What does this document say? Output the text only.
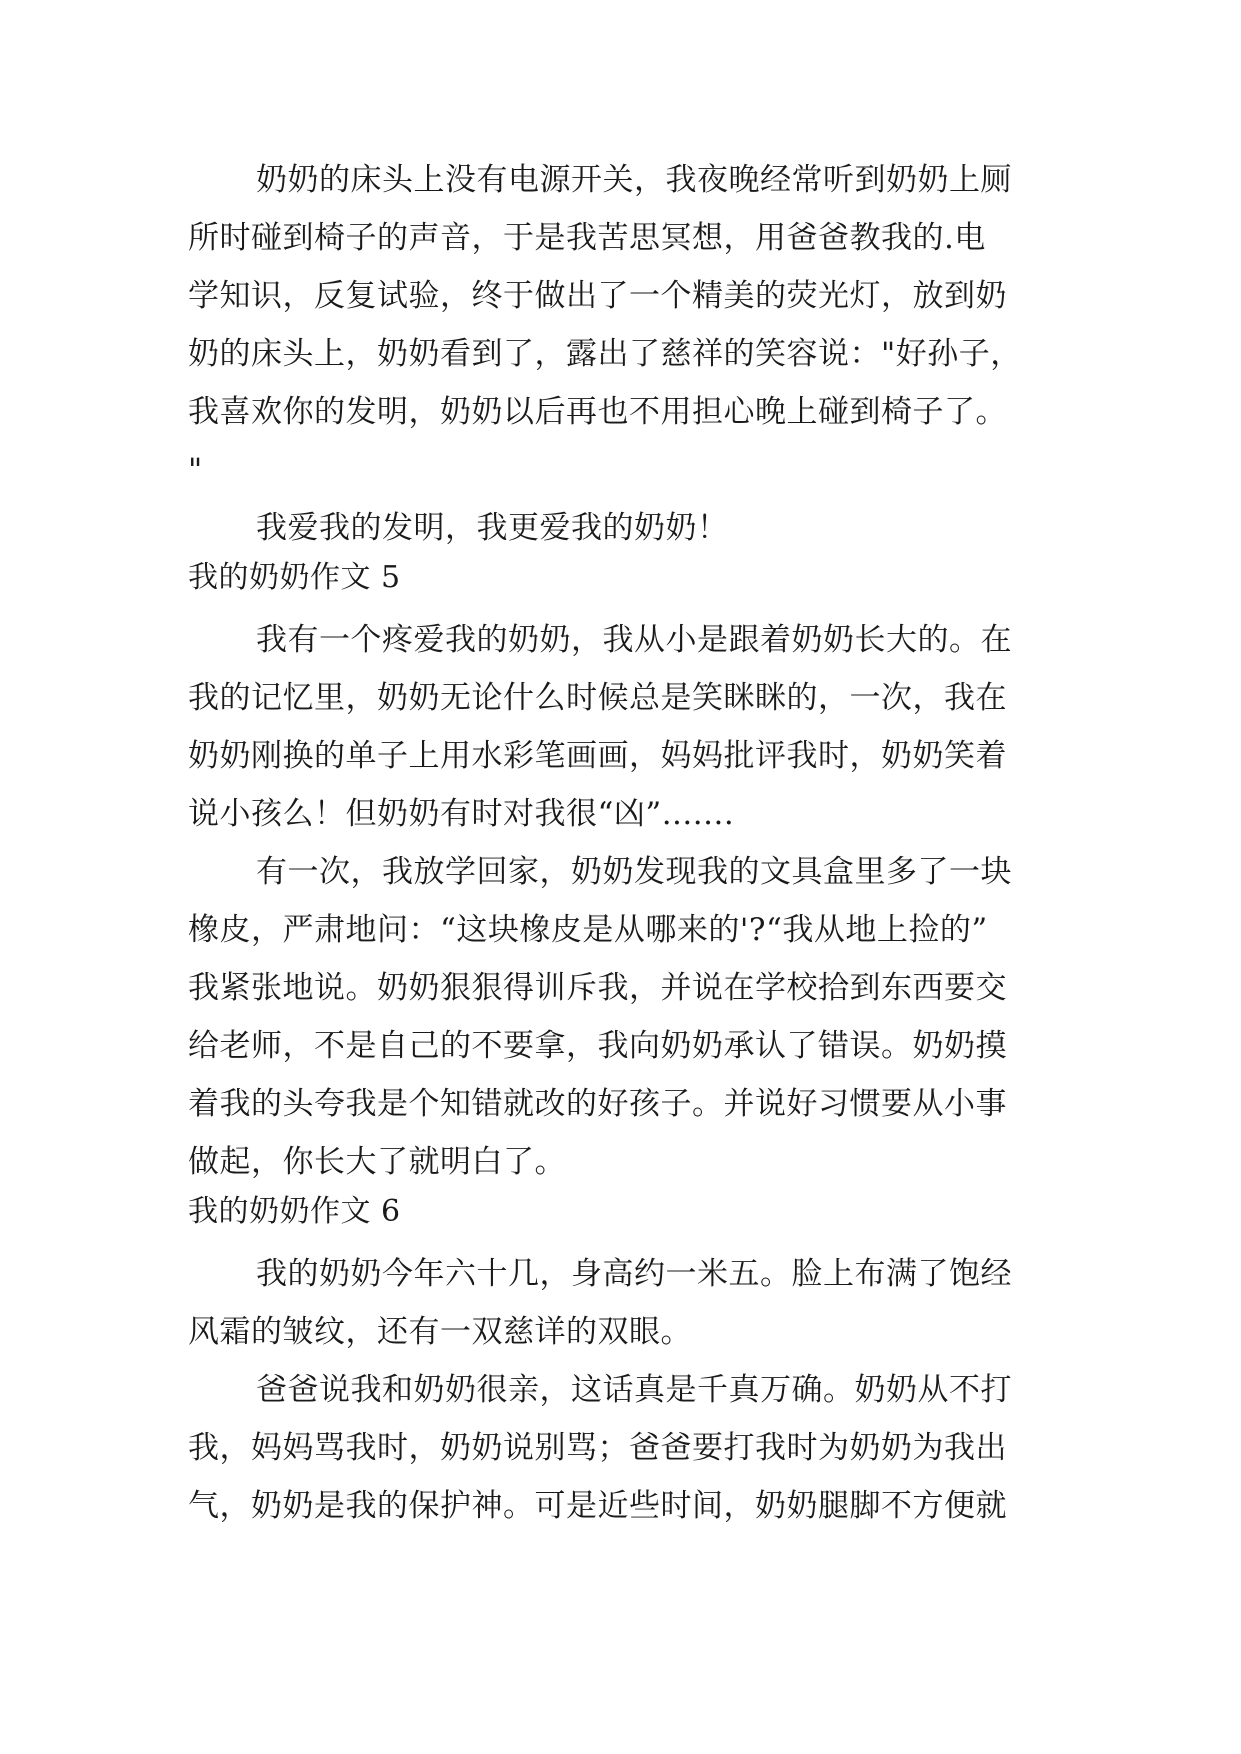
奶奶的床头上没有电源开关，我夜晚经常听到奶奶上厕
所时碰到椅子的声音，于是我苦思冥想，用爸爸教我的.电
学知识，反复试验，终于做出了一个精美的荧光灯，放到奶
奶的床头上，奶奶看到了，露出了慈祥的笑容说："好孙子，
我喜欢你的发明，奶奶以后再也不用担心晚上碰到椅子了。
"
我爱我的发明，我更爱我的奶奶！
我的奶奶作文 5
我有一个疼爱我的奶奶，我从小是跟着奶奶长大的。在
我的记忆里，奶奶无论什么时候总是笑眯眯的，一次，我在
奶奶刚换的单子上用水彩笔画画，妈妈批评我时，奶奶笑着
说小孩么！但奶奶有时对我很“凶”.......
有一次，我放学回家，奶奶发现我的文具盒里多了一块
橡皮，严肃地问：“这块橡皮是从哪来的'?“我从地上捡的”
我紧张地说。奶奶狠狠得训斥我，并说在学校拾到东西要交
给老师，不是自己的不要拿，我向奶奶承认了错误。奶奶摸
着我的头夸我是个知错就改的好孩子。并说好习惯要从小事
做起，你长大了就明白了。
我的奶奶作文 6
我的奶奶今年六十几，身高约一米五。脸上布满了饱经
风霜的皱纹，还有一双慈详的双眼。
爸爸说我和奶奶很亲，这话真是千真万确。奶奶从不打
我，妈妈骂我时，奶奶说别骂；爸爸要打我时为奶奶为我出
气，奶奶是我的保护神。可是近些时间，奶奶腿脚不方便就
